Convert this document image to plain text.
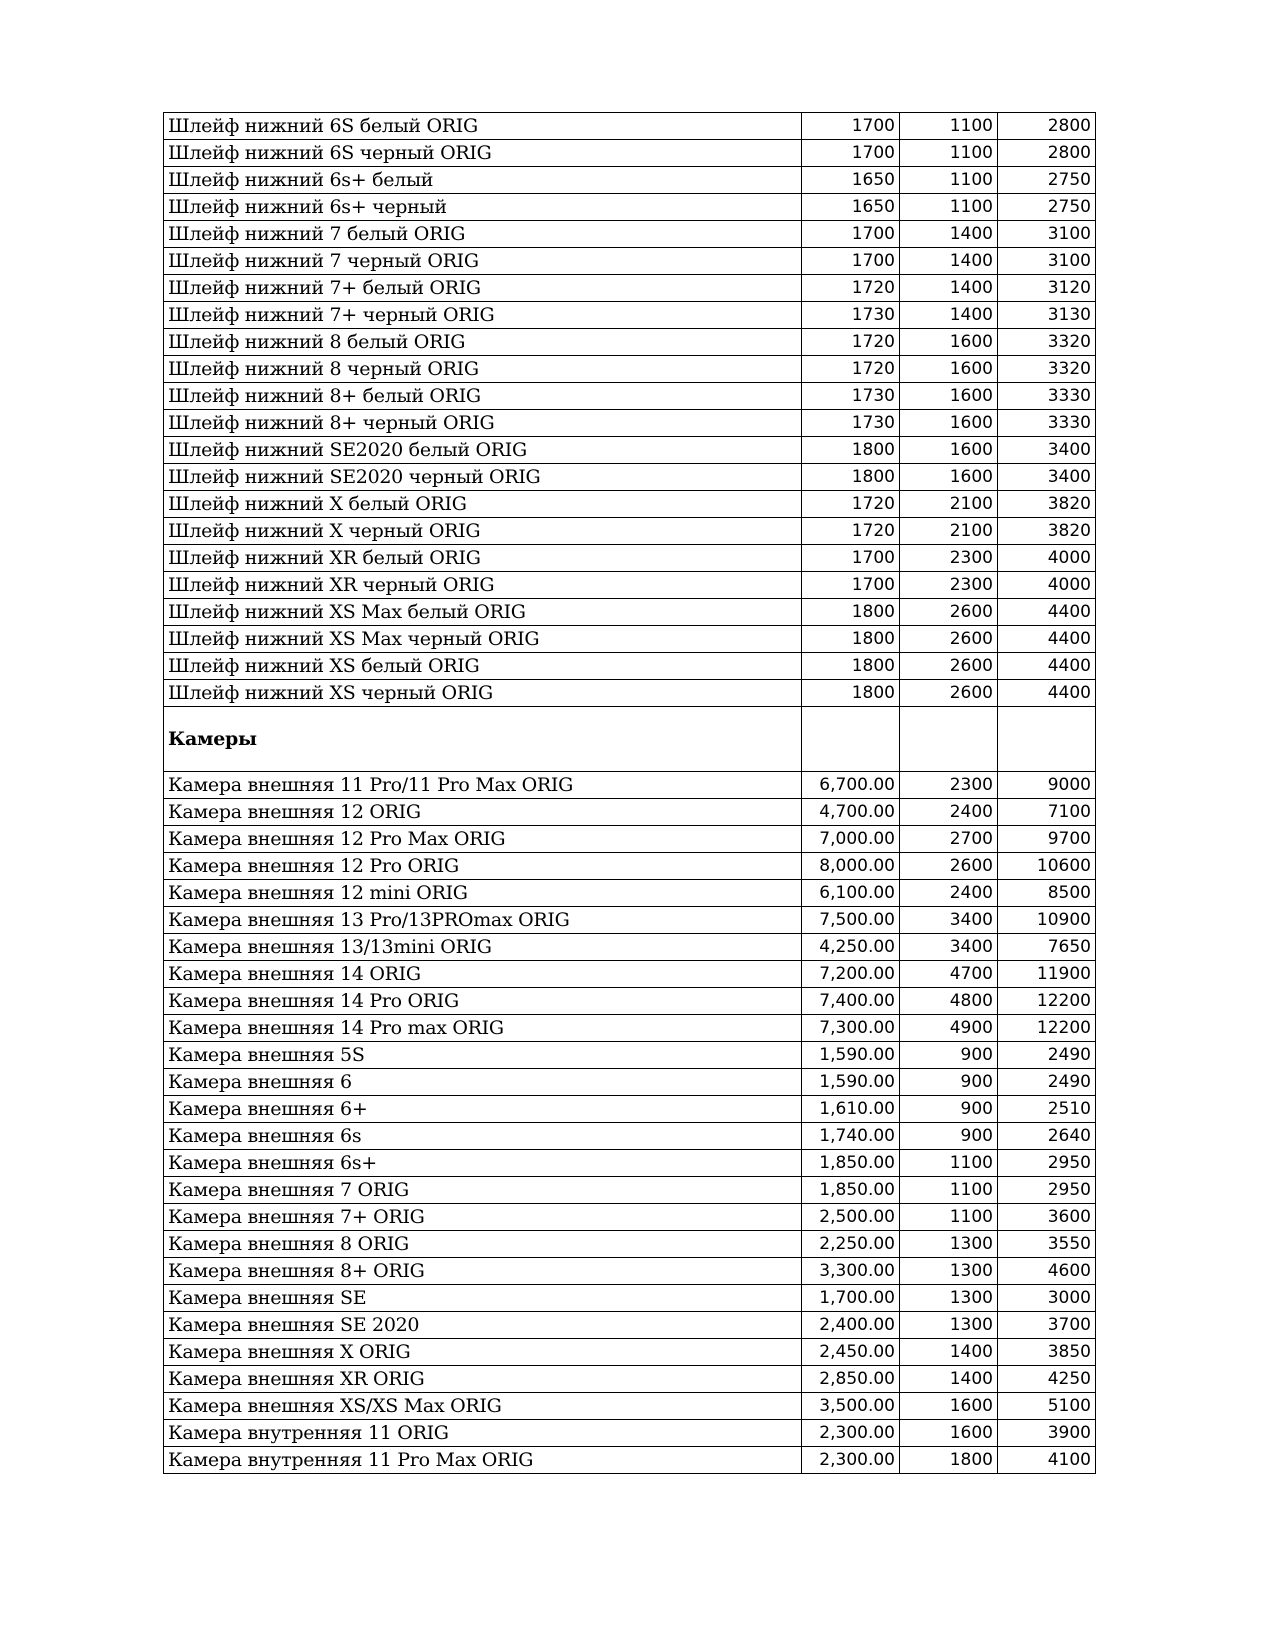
Шлейф нижний 6S белый ORIG	1700	1100	2800
Шлейф нижний 6S черный ORIG	1700	1100	2800
Шлейф нижний 6s+ белый	1650	1100	2750
Шлейф нижний 6s+ черный	1650	1100	2750
Шлейф нижний 7 белый ORIG	1700	1400	3100
Шлейф нижний 7 черный ORIG	1700	1400	3100
Шлейф нижний 7+ белый ORIG	1720	1400	3120
Шлейф нижний 7+ черный ORIG	1730	1400	3130
Шлейф нижний 8 белый ORIG	1720	1600	3320
Шлейф нижний 8 черный ORIG	1720	1600	3320
Шлейф нижний 8+ белый ORIG	1730	1600	3330
Шлейф нижний 8+ черный ORIG	1730	1600	3330
Шлейф нижний SE2020 белый ORIG	1800	1600	3400
Шлейф нижний SE2020 черный ORIG	1800	1600	3400
Шлейф нижний X белый ORIG	1720	2100	3820
Шлейф нижний X черный ORIG	1720	2100	3820
Шлейф нижний XR белый ORIG	1700	2300	4000
Шлейф нижний XR черный ORIG	1700	2300	4000
Шлейф нижний XS Max белый ORIG	1800	2600	4400
Шлейф нижний XS Max черный ORIG	1800	2600	4400
Шлейф нижний XS белый ORIG	1800	2600	4400
Шлейф нижний XS черный ORIG	1800	2600	4400
Камеры			
Камера внешняя 11 Pro/11 Pro Max ORIG	6,700.00	2300	9000
Камера внешняя 12 ORIG	4,700.00	2400	7100
Камера внешняя 12 Pro Max ORIG	7,000.00	2700	9700
Камера внешняя 12 Pro ORIG	8,000.00	2600	10600
Камера внешняя 12 mini ORIG	6,100.00	2400	8500
Камера внешняя 13 Pro/13PROmax ORIG	7,500.00	3400	10900
Камера внешняя 13/13mini ORIG	4,250.00	3400	7650
Камера внешняя 14 ORIG	7,200.00	4700	11900
Камера внешняя 14 Pro ORIG	7,400.00	4800	12200
Камера внешняя 14 Pro max ORIG	7,300.00	4900	12200
Камера внешняя 5S	1,590.00	900	2490
Камера внешняя 6	1,590.00	900	2490
Камера внешняя 6+	1,610.00	900	2510
Камера внешняя 6s	1,740.00	900	2640
Камера внешняя 6s+	1,850.00	1100	2950
Камера внешняя 7 ORIG	1,850.00	1100	2950
Камера внешняя 7+ ORIG	2,500.00	1100	3600
Камера внешняя 8 ORIG	2,250.00	1300	3550
Камера внешняя 8+ ORIG	3,300.00	1300	4600
Камера внешняя SE	1,700.00	1300	3000
Камера внешняя SE 2020	2,400.00	1300	3700
Камера внешняя X ORIG	2,450.00	1400	3850
Камера внешняя XR ORIG	2,850.00	1400	4250
Камера внешняя XS/XS Max ORIG	3,500.00	1600	5100
Камера внутренняя 11 ORIG	2,300.00	1600	3900
Камера внутренняя 11 Pro Max ORIG	2,300.00	1800	4100
